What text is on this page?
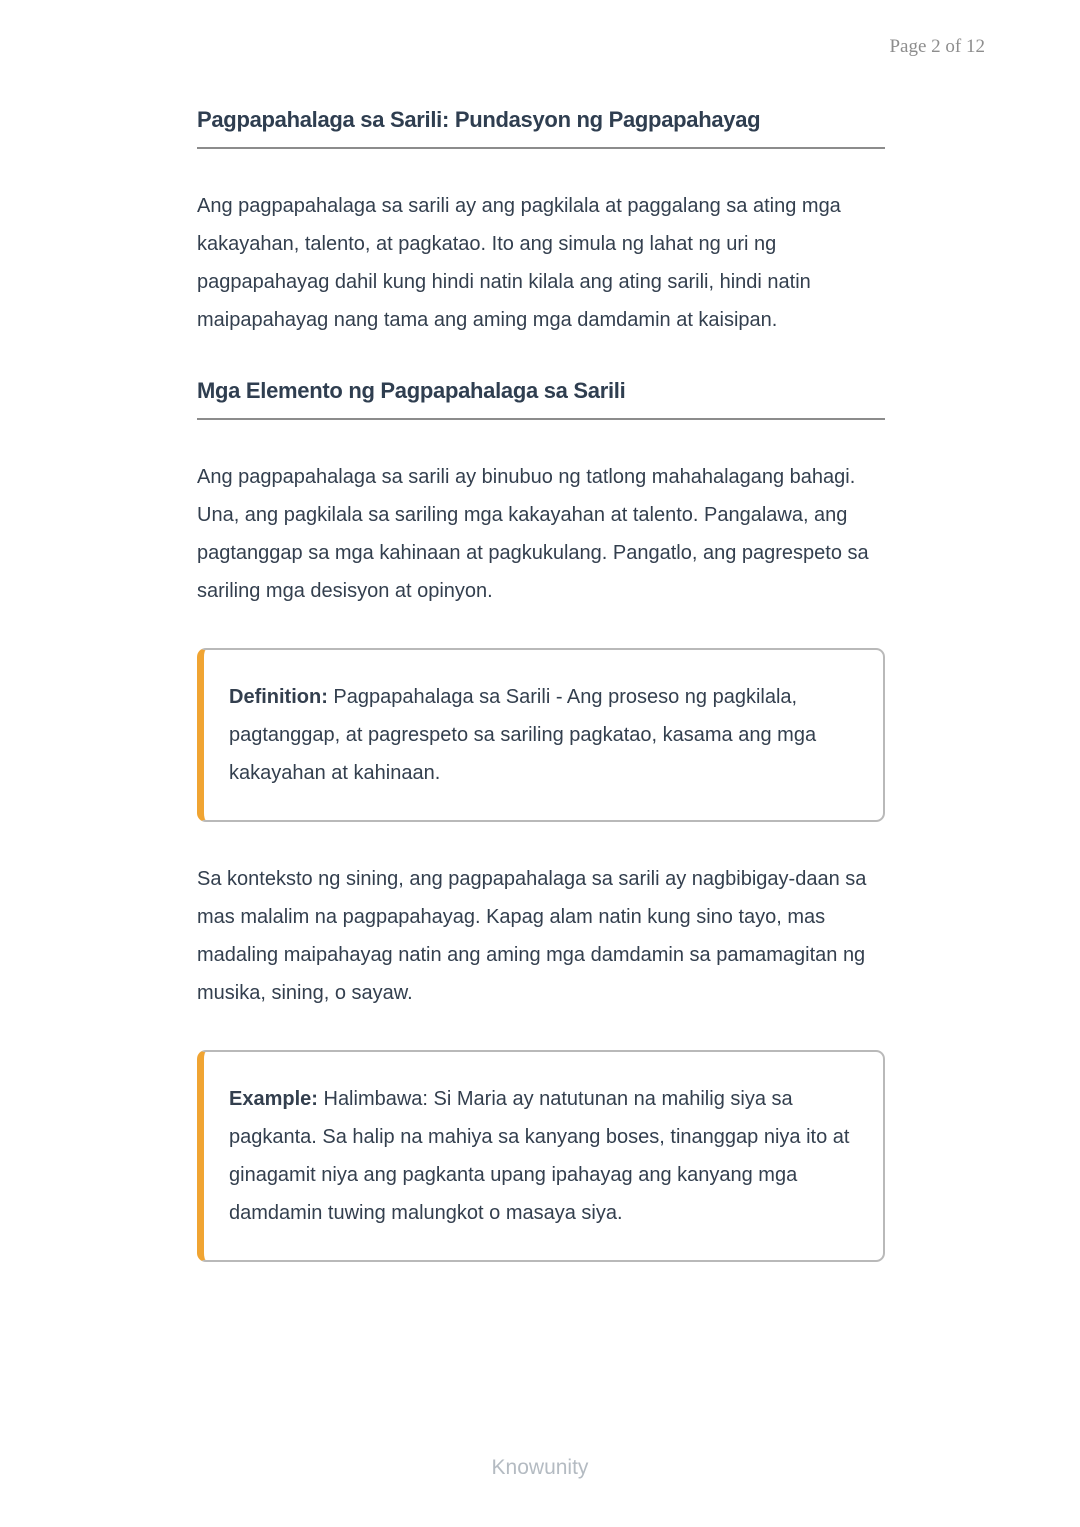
Page 2 of 12
Pagpapahalaga sa Sarili: Pundasyon ng Pagpapahayag

Ang pagpapahalaga sa sarili ay ang pagkilala at paggalang sa ating mga kakayahan, talento, at pagkatao. Ito ang simula ng lahat ng uri ng pagpapahayag dahil kung hindi natin kilala ang ating sarili, hindi natin maipapahayag nang tama ang aming mga damdamin at kaisipan.

Mga Elemento ng Pagpapahalaga sa Sarili

Ang pagpapahalaga sa sarili ay binubuo ng tatlong mahahalagang bahagi. Una, ang pagkilala sa sariling mga kakayahan at talento. Pangalawa, ang pagtanggap sa mga kahinaan at pagkukulang. Pangatlo, ang pagrespeto sa sariling mga desisyon at opinyon.

Definition: Pagpapahalaga sa Sarili - Ang proseso ng pagkilala, pagtanggap, at pagrespeto sa sariling pagkatao, kasama ang mga kakayahan at kahinaan.

Sa konteksto ng sining, ang pagpapahalaga sa sarili ay nagbibigay-daan sa mas malalim na pagpapahayag. Kapag alam natin kung sino tayo, mas madaling maipahayag natin ang aming mga damdamin sa pamamagitan ng musika, sining, o sayaw.

Example: Halimbawa: Si Maria ay natutunan na mahilig siya sa pagkanta. Sa halip na mahiya sa kanyang boses, tinanggap niya ito at ginagamit niya ang pagkanta upang ipahayag ang kanyang mga damdamin tuwing malungkot o masaya siya.

Knowunity
